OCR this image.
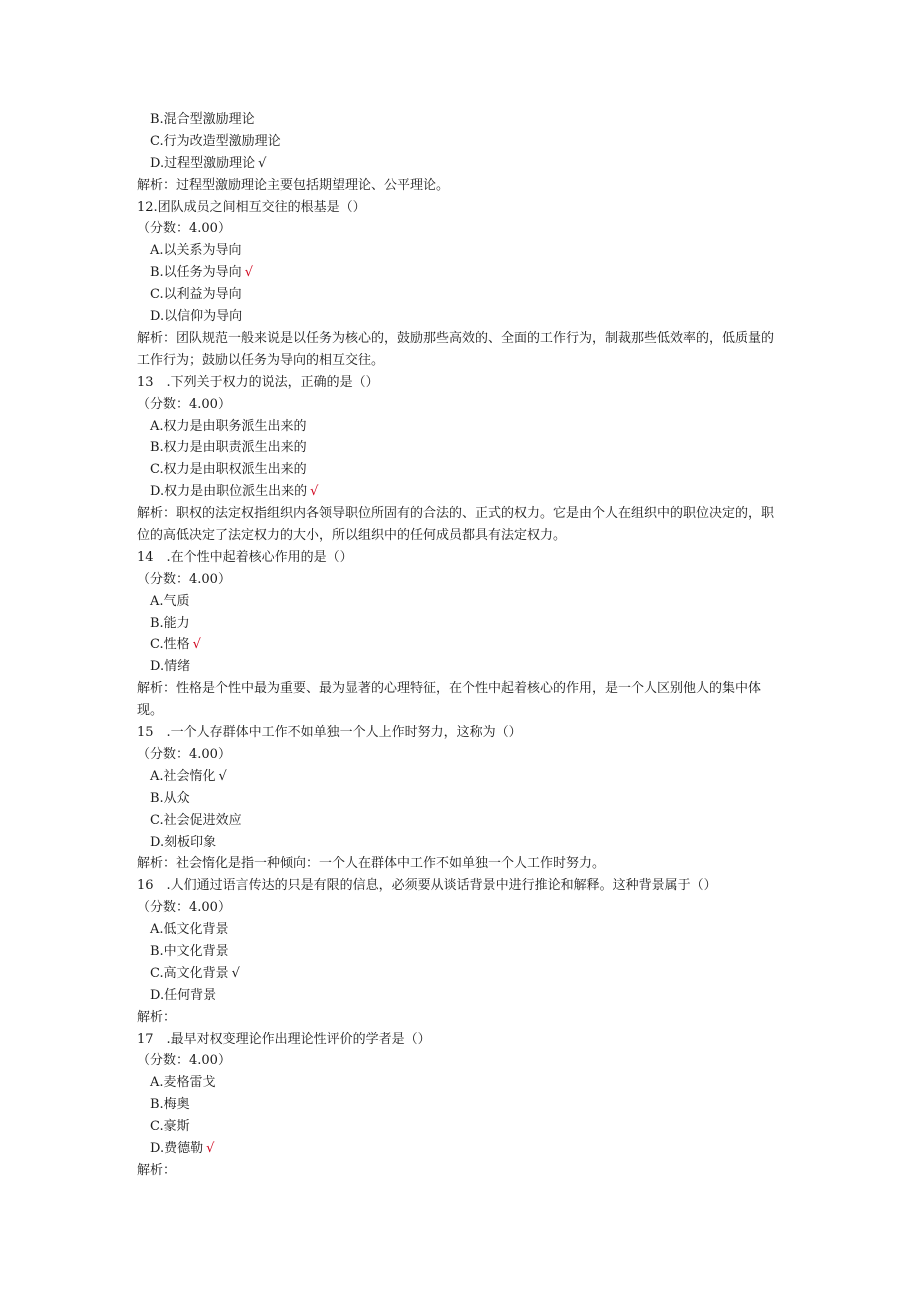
B.混合型激励理论
C.行为改造型激励理论
D.过程型激励理论 √
解析：过程型激励理论主要包括期望理论、公平理论。
12.团队成员之间相互交往的根基是（）
（分数：4.00）
A.以关系为导向
B.以任务为导向 √
C.以利益为导向
D.以信仰为导向
解析：团队规范一般来说是以任务为核心的，鼓励那些高效的、全面的工作行为，制裁那些低效率的，低质量的工作行为；鼓励以任务为导向的相互交往。
13　.下列关于权力的说法，正确的是（）
（分数：4.00）
A.权力是由职务派生出来的
B.权力是由职责派生出来的
C.权力是由职权派生出来的
D.权力是由职位派生出来的 √
解析：职权的法定权指组织内各领导职位所固有的合法的、正式的权力。它是由个人在组织中的职位决定的，职位的高低决定了法定权力的大小，所以组织中的任何成员都具有法定权力。
14　.在个性中起着核心作用的是（）
（分数：4.00）
A.气质
B.能力
C.性格 √
D.情绪
解析：性格是个性中最为重要、最为显著的心理特征，在个性中起着核心的作用，是一个人区别他人的集中体现。
15　.一个人存群体中工作不如单独一个人上作时努力，这称为（）
（分数：4.00）
A.社会惰化 √
B.从众
C.社会促进效应
D.刻板印象
解析：社会惰化是指一种倾向：一个人在群体中工作不如单独一个人工作时努力。
16　.人们通过语言传达的只是有限的信息，必须要从谈话背景中进行推论和解释。这种背景属于（）
（分数：4.00）
A.低文化背景
B.中文化背景
C.高文化背景 √
D.任何背景
解析：
17　.最早对权变理论作出理论性评价的学者是（）
（分数：4.00）
A.麦格雷戈
B.梅奥
C.豪斯
D.费德勒 √
解析：
